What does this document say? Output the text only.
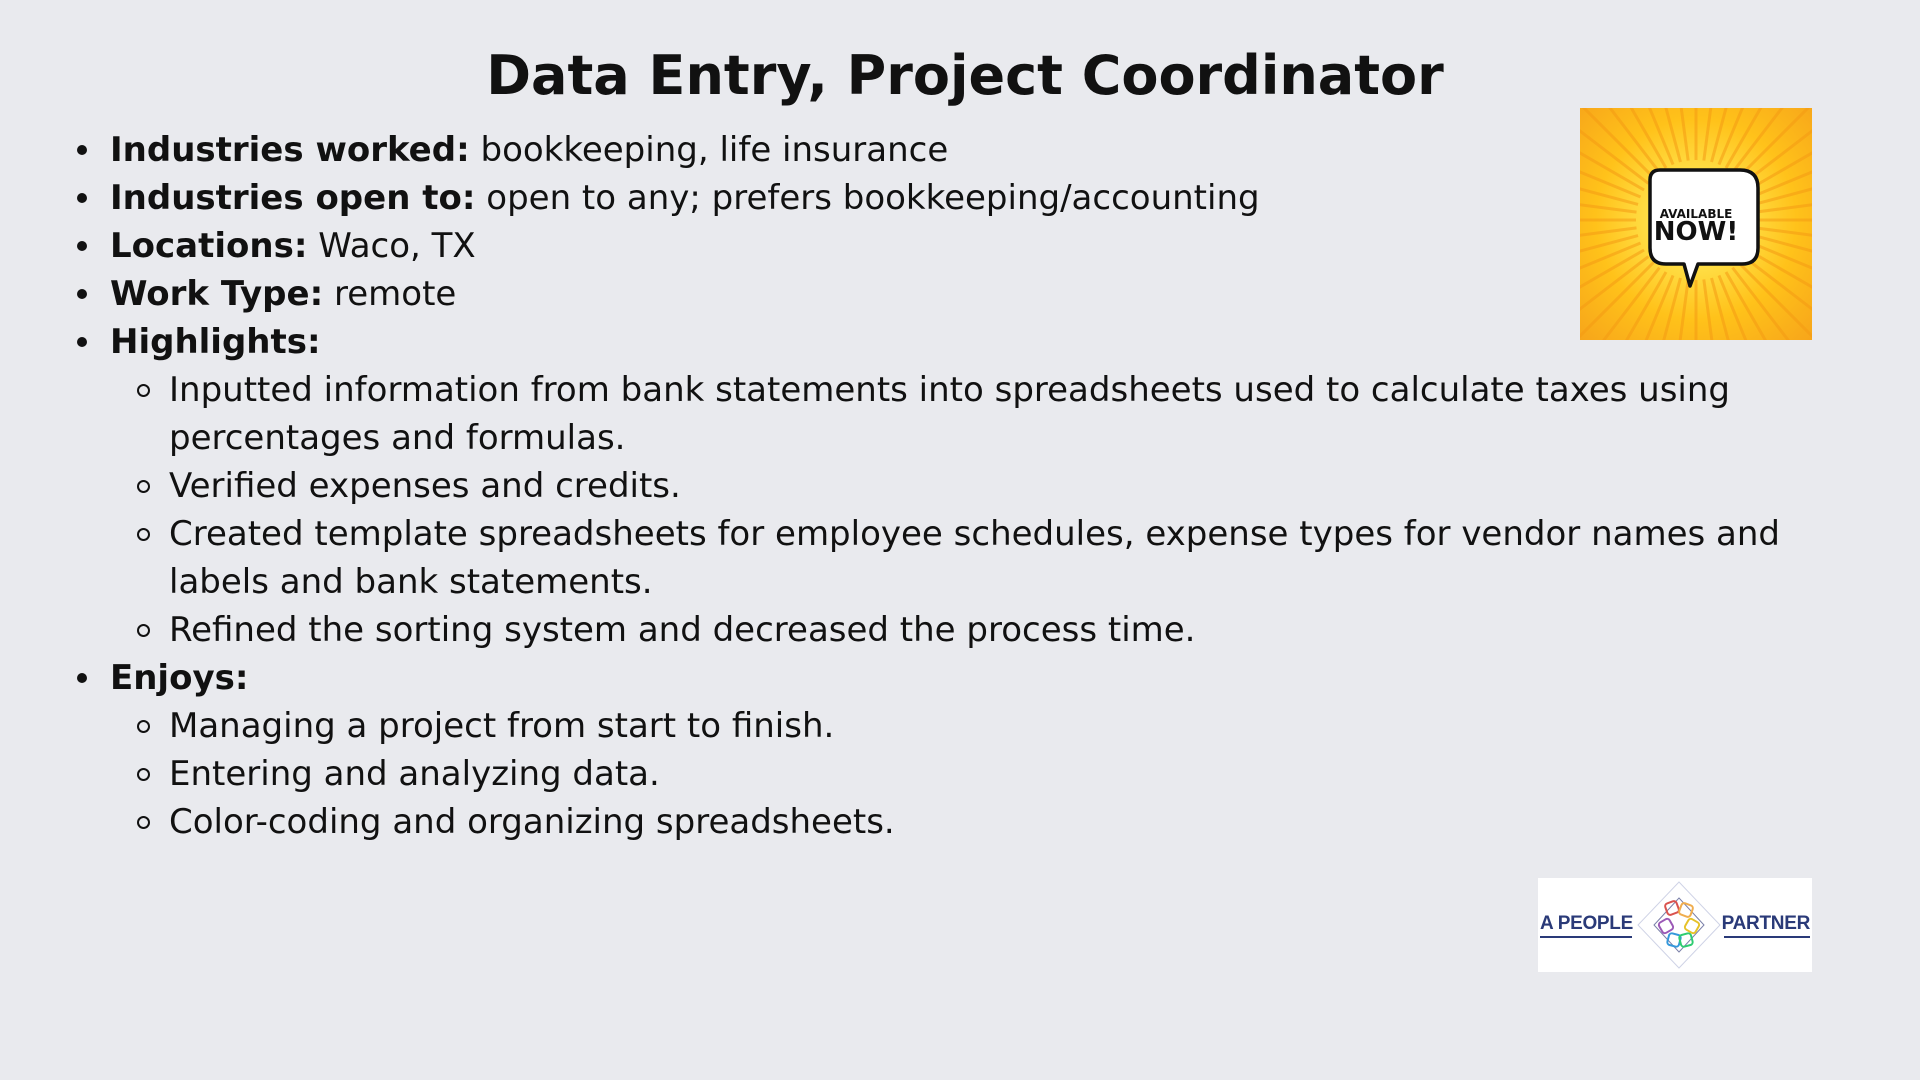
Data Entry, Project Coordinator
Industries worked: bookkeeping, life insurance
Industries open to: open to any; prefers bookkeeping/accounting
Locations: Waco, TX
Work Type: remote
Highlights:
Inputted information from bank statements into spreadsheets used to calculate taxes using percentages and formulas.
Verified expenses and credits.
Created template spreadsheets for employee schedules, expense types for vendor names and labels and bank statements.
Refined the sorting system and decreased the process time.
Enjoys:
Managing a project from start to finish.
Entering and analyzing data.
Color-coding and organizing spreadsheets.
AVAILABLE
NOW!
A PEOPLE	PARTNER
